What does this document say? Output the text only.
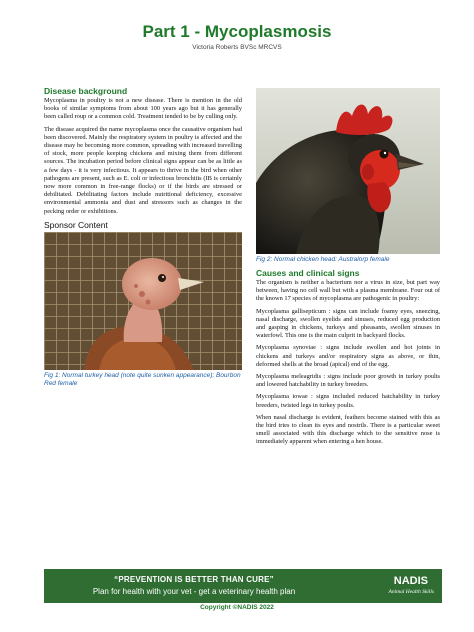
Part 1 - Mycoplasmosis
Victoria Roberts BVSc MRCVS
Disease background

Mycoplasma in poultry is not a new disease. There is mention in the old books of similar symptoms from about 100 years ago but it has generally been called roup or a common cold. Treatment tended to be by culling only.

The disease acquired the name mycoplasma once the causative organism had been discovered. Mainly the respiratory system in poultry is affected and the disease may be becoming more common, spreading with increased travelling of stock, more people keeping chickens and mixing them from different sources. The incubation period before clinical signs appear can be as little as a few days - it is very infectious. It appears to thrive in the bird when other pathogens are present, such as E. coli or infectious bronchitis (IB is certainly now more common in free-range flocks) or if the birds are stressed or debilitated. Debilitating factors include nutritional deficiency, excessive environmental ammonia and dust and stressors such as changes in the pecking order or exhibitions.

Sponsor Content
Fig 1: Normal turkey head (note quite sunken appearance); Bourbon Red female
Fig 2: Normal chicken head: Australorp female
Causes and clinical signs

The organism is neither a bacterium nor a virus in size, but part way between, having no cell wall but with a plasma membrane. Four out of the known 17 species of mycoplasma are pathogenic in poultry:

Mycoplasma gallisepticum : signs can include foamy eyes, sneezing, nasal discharge, swollen eyelids and sinuses, reduced egg production and gasping in chickens, turkeys and pheasants, swollen sinuses in waterfowl. This one is the main culprit in backyard flocks.

Mycoplasma synoviae : signs include swollen and hot joints in chickens and turkeys and/or respiratory signs as above, or thin, deformed shells at the broad (apical) end of the egg.

Mycoplasma meleagridis : signs include poor growth in turkey poults and lowered hatchability in turkey breeders.

Mycoplasma iowae : signs included reduced hatchability in turkey breeders, twisted legs in turkey poults.

When nasal discharge is evident, feathers become stained with this as the bird tries to clean its eyes and nostrils. There is a particular sweet smell associated with this discharge which to the sensitive nose is immediately apparent when entering a hen house.

“PREVENTION IS BETTER THAN CURE”
Plan for health with your vet - get a veterinary health plan
NADIS
Animal Health Skills
Copyright ©NADIS 2022
